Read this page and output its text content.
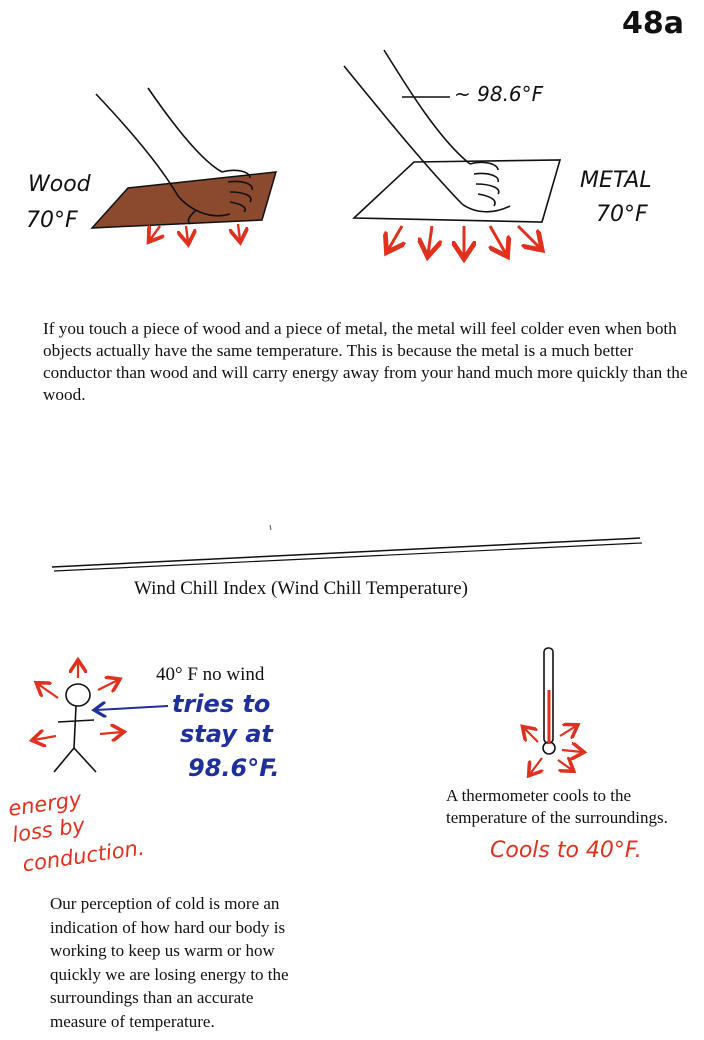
48a
~ 98.6°F
Wood
70°F
METAL
70°F
If you touch a piece of wood and a piece of metal, the metal will feel colder even when both objects actually have the same temperature. This is because the metal is a much better conductor than wood and will carry energy away from your hand much more quickly than the wood.
Wind Chill Index (Wind Chill Temperature)
40° F no wind
tries to
stay at
98.6°F.
energy
loss by
conduction.
A thermometer cools to the
temperature of the surroundings.
Cools to 40°F.
Our perception of cold is more an
indication of how hard our body is
working to keep us warm or how
quickly we are losing energy to the
surroundings than an accurate
measure of temperature.
